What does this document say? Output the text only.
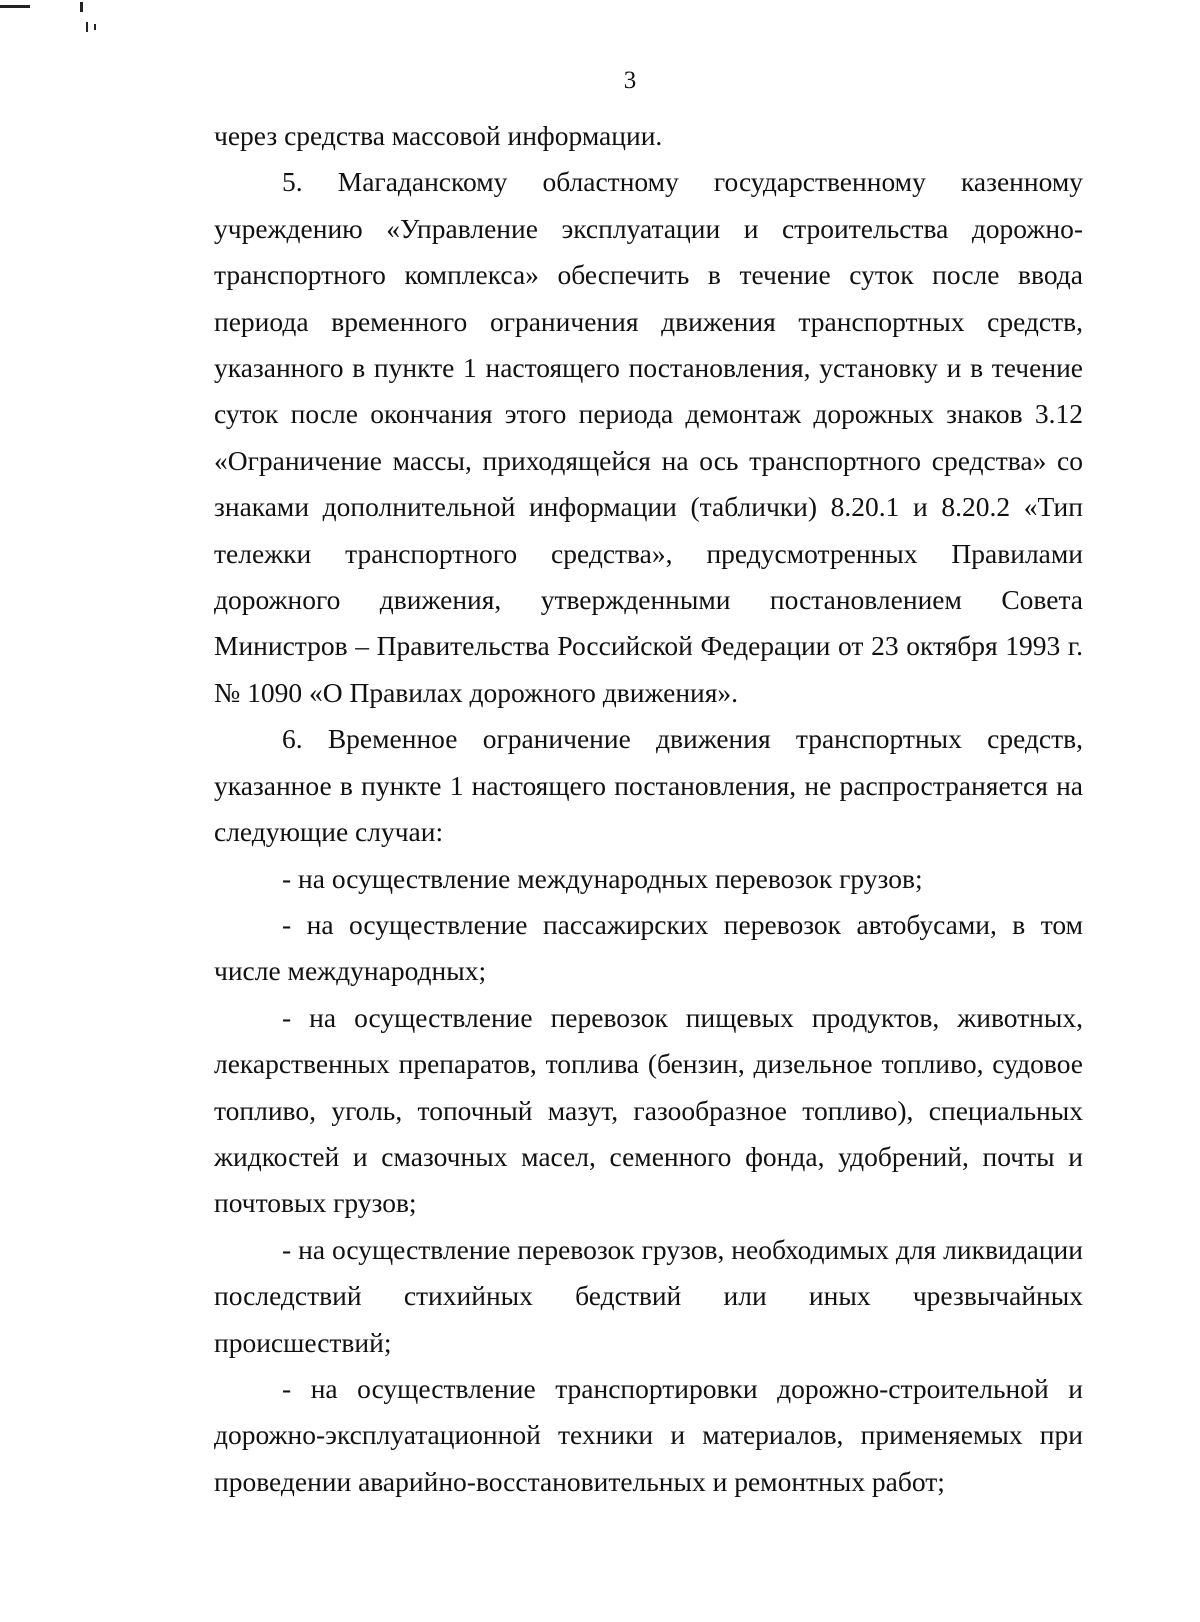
3

через средства массовой информации.

5. Магаданскому областному государственному казенному учреждению «Управление эксплуатации и строительства дорожно-транспортного комплекса» обеспечить в течение суток после ввода периода временного ограничения движения транспортных средств, указанного в пункте 1 настоящего постановления, установку и в течение суток после окончания этого периода демонтаж дорожных знаков 3.12 «Ограничение массы, приходящейся на ось транспортного средства» со знаками дополнительной информации (таблички) 8.20.1 и 8.20.2 «Тип тележки транспортного средства», предусмотренных Правилами дорожного движения, утвержденными постановлением Совета Министров – Правительства Российской Федерации от 23 октября 1993 г. № 1090 «О Правилах дорожного движения».

6. Временное ограничение движения транспортных средств, указанное в пункте 1 настоящего постановления, не распространяется на следующие случаи:

- на осуществление международных перевозок грузов;

- на осуществление пассажирских перевозок автобусами, в том числе международных;

- на осуществление перевозок пищевых продуктов, животных, лекарственных препаратов, топлива (бензин, дизельное топливо, судовое топливо, уголь, топочный мазут, газообразное топливо), специальных жидкостей и смазочных масел, семенного фонда, удобрений, почты и почтовых грузов;

- на осуществление перевозок грузов, необходимых для ликвидации последствий стихийных бедствий или иных чрезвычайных происшествий;

- на осуществление транспортировки дорожно-строительной и дорожно-эксплуатационной техники и материалов, применяемых при проведении аварийно-восстановительных и ремонтных работ;
